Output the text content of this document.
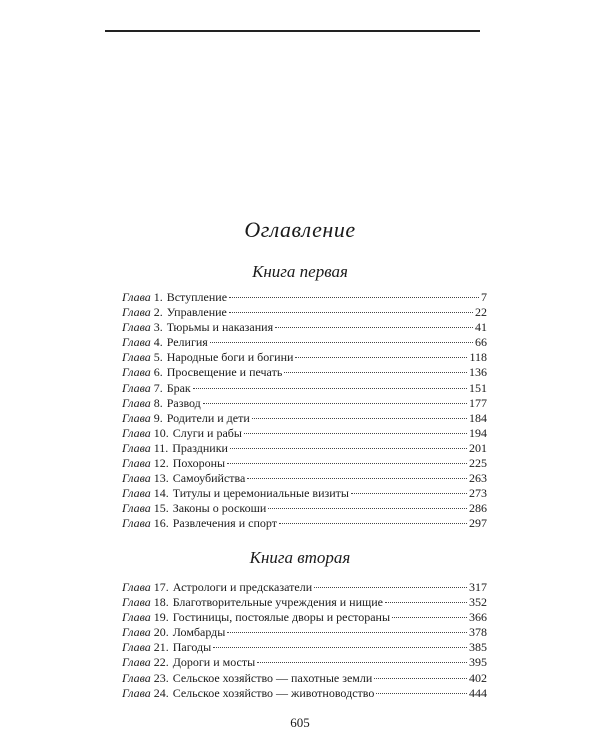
Оглавление
Книга первая
Глава 1. Вступление	7
Глава 2. Управление	22
Глава 3. Тюрьмы и наказания	41
Глава 4. Религия	66
Глава 5. Народные боги и богини	118
Глава 6. Просвещение и печать	136
Глава 7. Брак	151
Глава 8. Развод	177
Глава 9. Родители и дети	184
Глава 10. Слуги и рабы	194
Глава 11. Праздники	201
Глава 12. Похороны	225
Глава 13. Самоубийства	263
Глава 14. Титулы и церемониальные визиты	273
Глава 15. Законы о роскоши	286
Глава 16. Развлечения и спорт	297
Книга вторая
Глава 17. Астрологи и предсказатели	317
Глава 18. Благотворительные учреждения и нищие	352
Глава 19. Гостиницы, постоялые дворы и рестораны	366
Глава 20. Ломбарды	378
Глава 21. Пагоды	385
Глава 22. Дороги и мосты	395
Глава 23. Сельское хозяйство — пахотные земли	402
Глава 24. Сельское хозяйство — животноводство	444
605
